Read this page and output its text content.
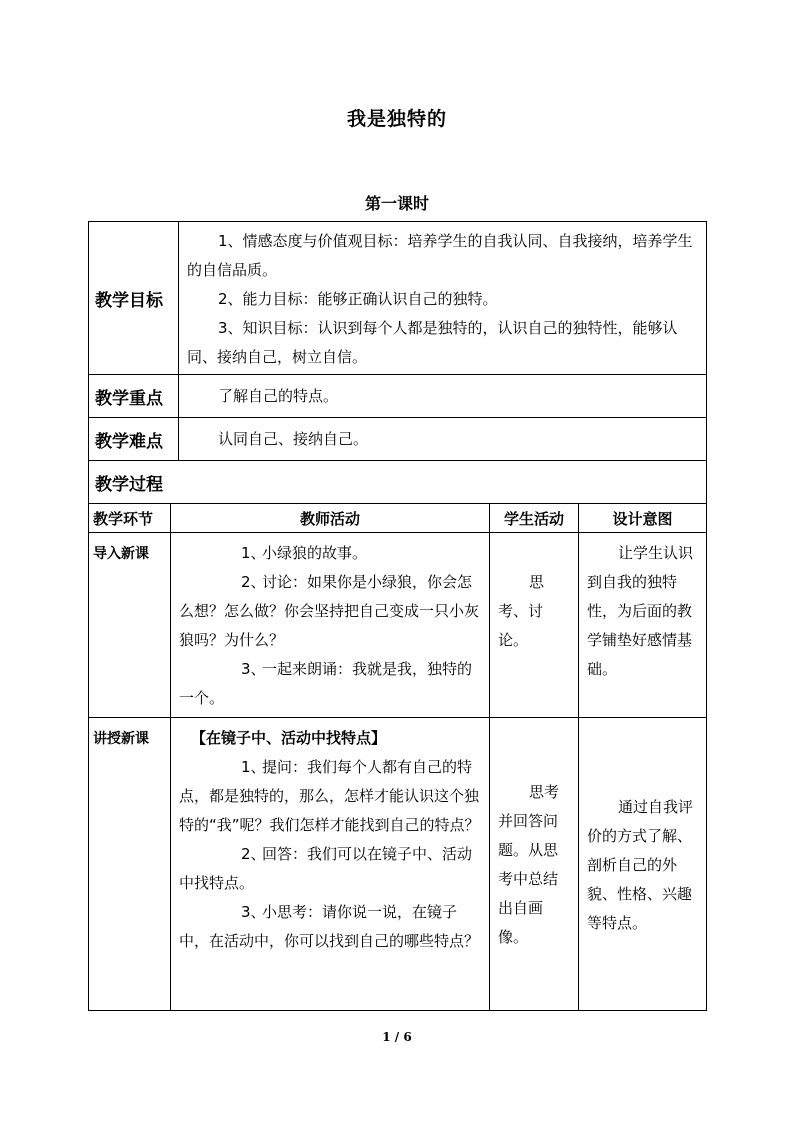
我是独特的
第一课时
教学目标		1、情感态度与价值观目标：培养学生的自我认同、自我接纳，培养学生的自信品质。

2、能力目标：能够正确认识自己的独特。

3、知识目标：认识到每个人都是独特的，认识自己的独特性，能够认同、接纳自己，树立自信。		

教学重点		了解自己的特点。		

教学难点		认同自己、接纳自己。		

教学过程				
教学环节	教师活动		学生活动	设计意图
导入新课	1、小绿狼的故事。

2、讨论：如果你是小绿狼，你会怎么想？怎么做？你会坚持把自己变成一只小灰狼吗？为什么？

3、一起来朗诵：我就是我，独特的一个。		思考、讨论。	让学生认识到自我的独特性，为后面的教学铺垫好感情基础。

讲授新课	【在镜子中、活动中找特点】

1、提问：我们每个人都有自己的特点，都是独特的，那么，怎样才能认识这个独特的“我”呢？我们怎样才能找到自己的特点？

2、回答：我们可以在镜子中、活动中找特点。

3、小思考：请你说一说，在镜子中，在活动中，你可以找到自己的哪些特点？		思考并回答问题。从思考中总结出自画像。	通过自我评价的方式了解、剖析自己的外貌、性格、兴趣等特点。

1 / 6
